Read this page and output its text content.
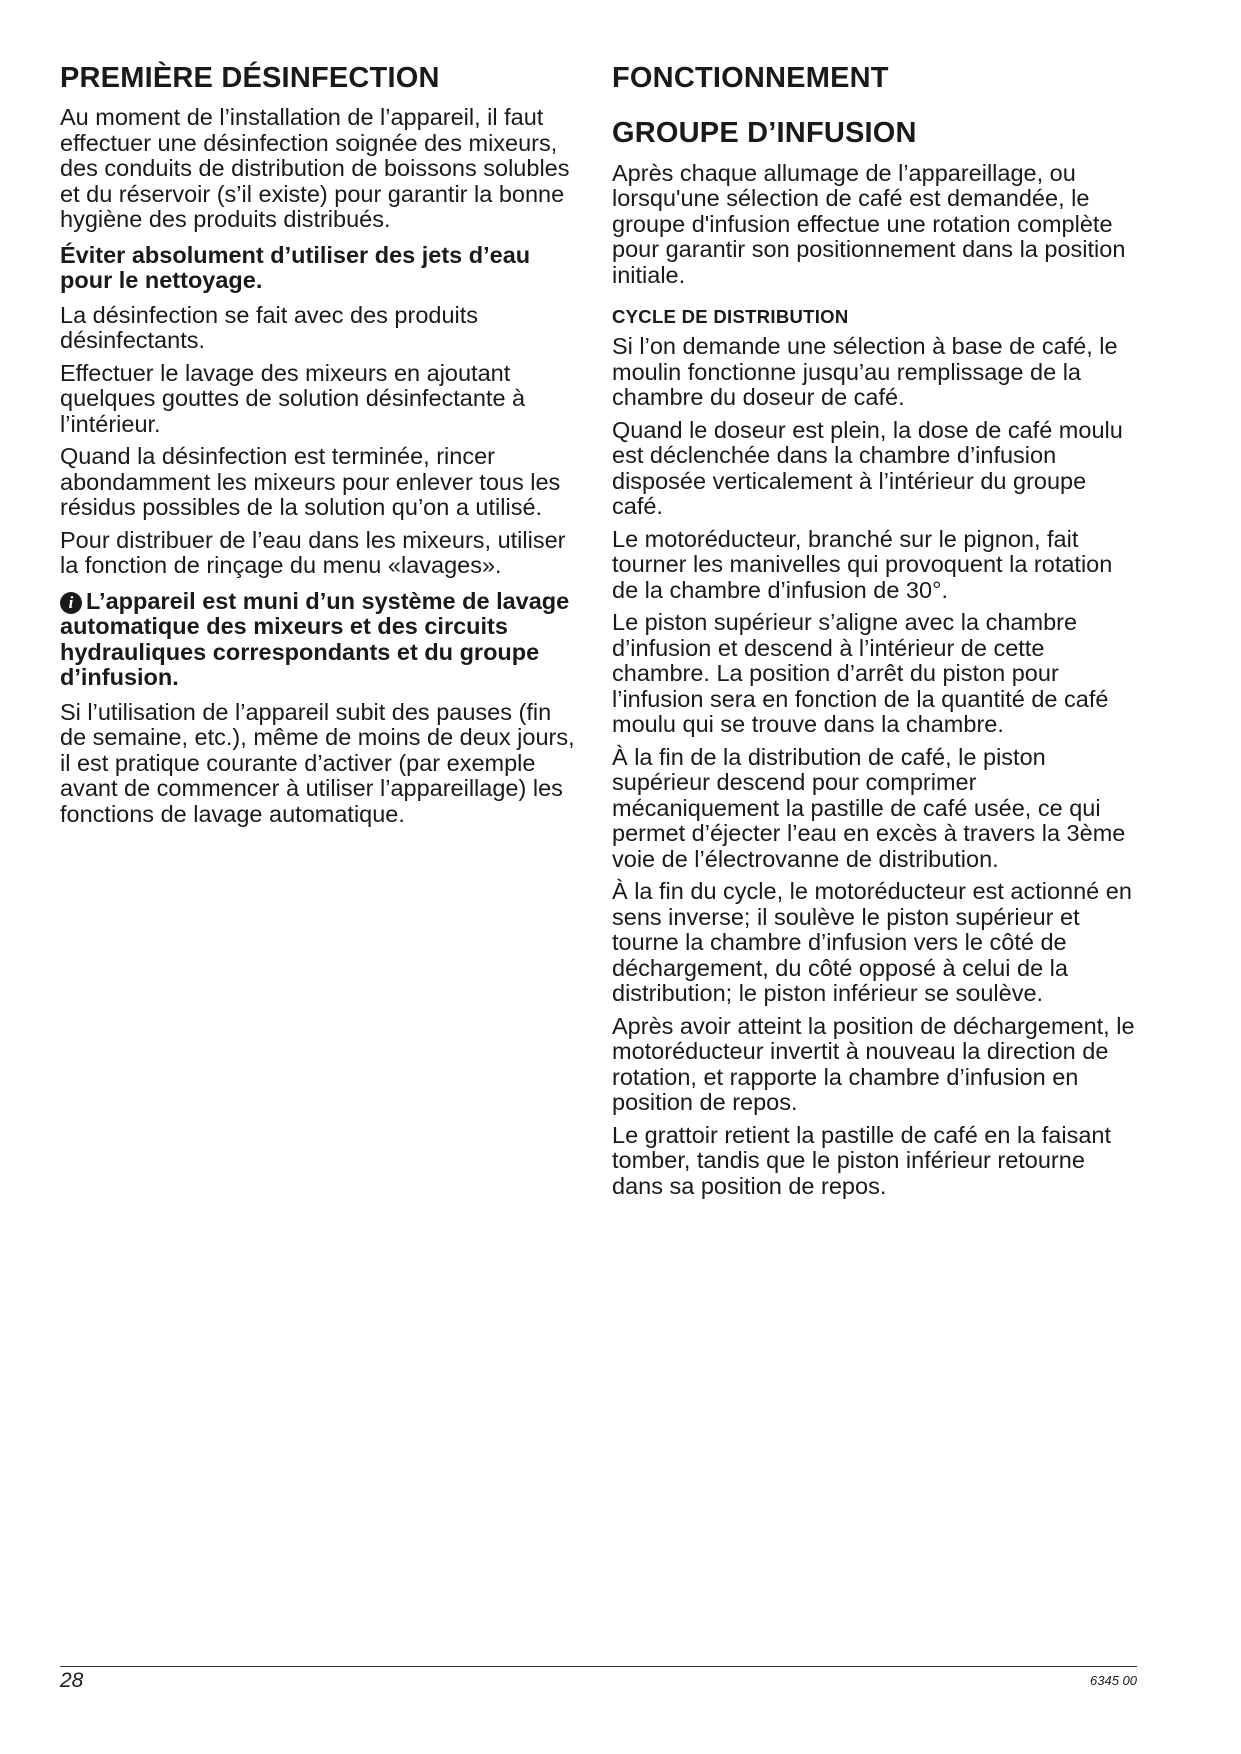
PREMIÈRE DÉSINFECTION

Au moment de l’installation de l’appareil, il faut effectuer une désinfection soignée des mixeurs, des conduits de distribution de boissons solubles et du réservoir (s’il existe) pour garantir la bonne hygiène des produits distribués.

Éviter absolument d’utiliser des jets d’eau pour le nettoyage.

La désinfection se fait avec des produits désinfectants.

Effectuer le lavage des mixeurs en ajoutant quelques gouttes de solution désinfectante à l’intérieur.

Quand la désinfection est terminée, rincer abondamment les mixeurs pour enlever tous les résidus possibles de la solution qu’on a utilisé.

Pour distribuer de l’eau dans les mixeurs, utiliser la fonction de rinçage du menu «lavages».

i L’appareil est muni d’un système de lavage automatique des mixeurs et des circuits hydrauliques correspondants et du groupe d’infusion.

Si l’utilisation de l’appareil subit des pauses (fin de semaine, etc.), même de moins de deux jours, il est pratique courante d’activer (par exemple avant de commencer à utiliser l’appareillage) les fonctions de lavage automatique.

FONCTIONNEMENT
GROUPE D’INFUSION

Après chaque allumage de l’appareillage, ou lorsqu'une sélection de café est demandée, le groupe d'infusion effectue une rotation complète pour garantir son positionnement dans la position initiale.

CYCLE DE DISTRIBUTION

Si l’on demande une sélection à base de café, le moulin fonctionne jusqu’au remplissage de la chambre du doseur de café.

Quand le doseur est plein, la dose de café moulu est déclenchée dans la chambre d’infusion disposée verticalement à l’intérieur du groupe café.

Le motoréducteur, branché sur le pignon, fait tourner les manivelles qui provoquent la rotation de la chambre d’infusion de 30°.

Le piston supérieur s’aligne avec la chambre d’infusion et descend à l’intérieur de cette chambre. La position d’arrêt du piston pour l’infusion sera en fonction de la quantité de café moulu qui se trouve dans la chambre.

À la fin de la distribution de café, le piston supérieur descend pour comprimer mécaniquement la pastille de café usée, ce qui permet d’éjecter l’eau en excès à travers la 3ème voie de l’électrovanne de distribution.

À la fin du cycle, le motoréducteur est actionné en sens inverse; il soulève le piston supérieur et tourne la chambre d’infusion vers le côté de déchargement, du côté opposé à celui de la distribution; le piston inférieur se soulève.

Après avoir atteint la position de déchargement, le motoréducteur invertit à nouveau la direction de rotation, et rapporte la chambre d’infusion en position de repos.

Le grattoir retient la pastille de café en la faisant tomber, tandis que le piston inférieur retourne dans sa position de repos.

28	6345 00
